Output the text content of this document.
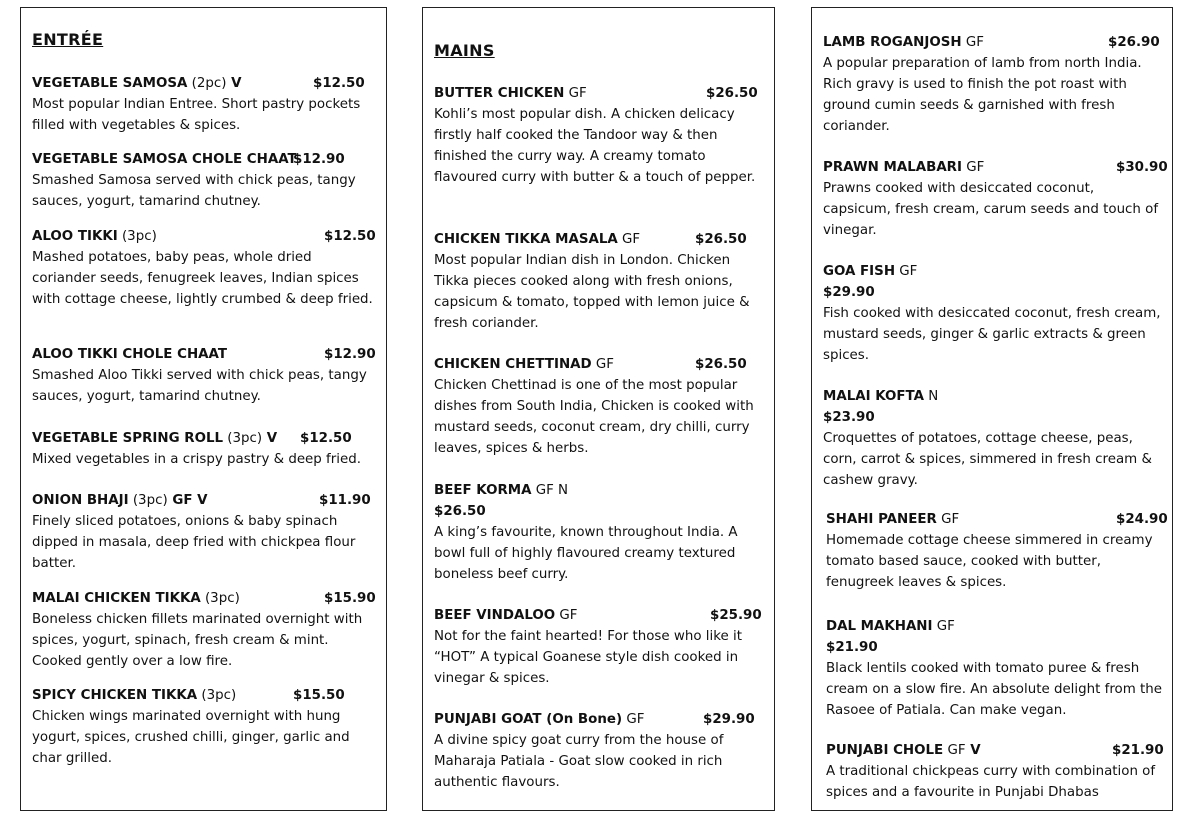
ENTRÉE
VEGETABLE SAMOSA (2pc) V	$12.50
Most popular Indian Entree. Short pastry pockets filled with vegetables & spices.
VEGETABLE SAMOSA CHOLE CHAAT
$12.90
Smashed Samosa served with chick peas, tangy sauces, yogurt, tamarind chutney.
ALOO TIKKI (3pc)	$12.50
Mashed potatoes, baby peas, whole dried coriander seeds, fenugreek leaves, Indian spices with cottage cheese, lightly crumbed & deep fried.
ALOO TIKKI CHOLE CHAAT	$12.90
Smashed Aloo Tikki served with chick peas, tangy sauces, yogurt, tamarind chutney.
VEGETABLE SPRING ROLL (3pc) V $12.50
Mixed vegetables in a crispy pastry & deep fried.
ONION BHAJI (3pc) GF V	$11.90
Finely sliced potatoes, onions & baby spinach dipped in masala, deep fried with chickpea flour batter.
MALAI CHICKEN TIKKA (3pc)	$15.90
Boneless chicken fillets marinated overnight with spices, yogurt, spinach, fresh cream & mint. Cooked gently over a low fire.
SPICY CHICKEN TIKKA (3pc)	$15.50
Chicken wings marinated overnight with hung yogurt, spices, crushed chilli, ginger, garlic and char grilled.
MAINS
BUTTER CHICKEN GF	$26.50
Kohli’s most popular dish. A chicken delicacy firstly half cooked the Tandoor way & then finished the curry way. A creamy tomato flavoured curry with butter & a touch of pepper.
CHICKEN TIKKA MASALA GF	$26.50
Most popular Indian dish in London. Chicken Tikka pieces cooked along with fresh onions, capsicum & tomato, topped with lemon juice & fresh coriander.
CHICKEN CHETTINAD GF	$26.50
Chicken Chettinad is one of the most popular dishes from South India, Chicken is cooked with mustard seeds, coconut cream, dry chilli, curry leaves, spices & herbs.
BEEF KORMA GF N
$26.50
A king’s favourite, known throughout India. A bowl full of highly flavoured creamy textured boneless beef curry.
BEEF VINDALOO GF	$25.90
Not for the faint hearted! For those who like it “HOT” A typical Goanese style dish cooked in vinegar & spices.
PUNJABI GOAT (On Bone) GF	$29.90
A divine spicy goat curry from the house of Maharaja Patiala - Goat slow cooked in rich authentic flavours.
LAMB ROGANJOSH GF	$26.90
A popular preparation of lamb from north India. Rich gravy is used to finish the pot roast with ground cumin seeds & garnished with fresh coriander.
PRAWN MALABARI GF	$30.90
Prawns cooked with desiccated coconut, capsicum, fresh cream, carum seeds and touch of vinegar.
GOA FISH GF
$29.90
Fish cooked with desiccated coconut, fresh cream, mustard seeds, ginger & garlic extracts & green spices.
MALAI KOFTA N
$23.90
Croquettes of potatoes, cottage cheese, peas, corn, carrot & spices, simmered in fresh cream & cashew gravy.
SHAHI PANEER GF	$24.90
Homemade cottage cheese simmered in creamy tomato based sauce, cooked with butter, fenugreek leaves & spices.
DAL MAKHANI GF
$21.90
Black lentils cooked with tomato puree & fresh cream on a slow fire. An absolute delight from the Rasoee of Patiala. Can make vegan.
PUNJABI CHOLE GF V	$21.90
A traditional chickpeas curry with combination of spices and a favourite in Punjabi Dhabas
